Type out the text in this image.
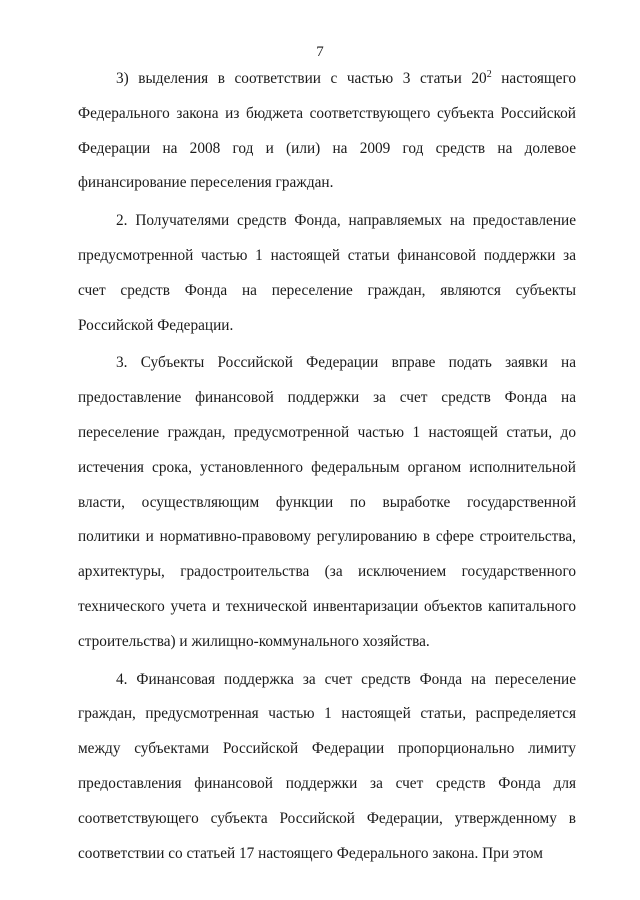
7

3) выделения в соответствии с частью 3 статьи $20^2$ настоящего Федерального закона из бюджета соответствующего субъекта Российской Федерации на 2008 год и (или) на 2009 год средств на долевое финансирование переселения граждан.

2. Получателями средств Фонда, направляемых на предоставление предусмотренной частью 1 настоящей статьи финансовой поддержки за счет средств Фонда на переселение граждан, являются субъекты Российской Федерации.

3. Субъекты Российской Федерации вправе подать заявки на предоставление финансовой поддержки за счет средств Фонда на переселение граждан, предусмотренной частью 1 настоящей статьи, до истечения срока, установленного федеральным органом исполнительной власти, осуществляющим функции по выработке государственной политики и нормативно-правовому регулированию в сфере строительства, архитектуры, градостроительства (за исключением государственного технического учета и технической инвентаризации объектов капитального строительства) и жилищно-коммунального хозяйства.

4. Финансовая поддержка за счет средств Фонда на переселение граждан, предусмотренная частью 1 настоящей статьи, распределяется между субъектами Российской Федерации пропорционально лимиту предоставления финансовой поддержки за счет средств Фонда для соответствующего субъекта Российской Федерации, утвержденному в соответствии со статьей 17 настоящего Федерального закона. При этом
